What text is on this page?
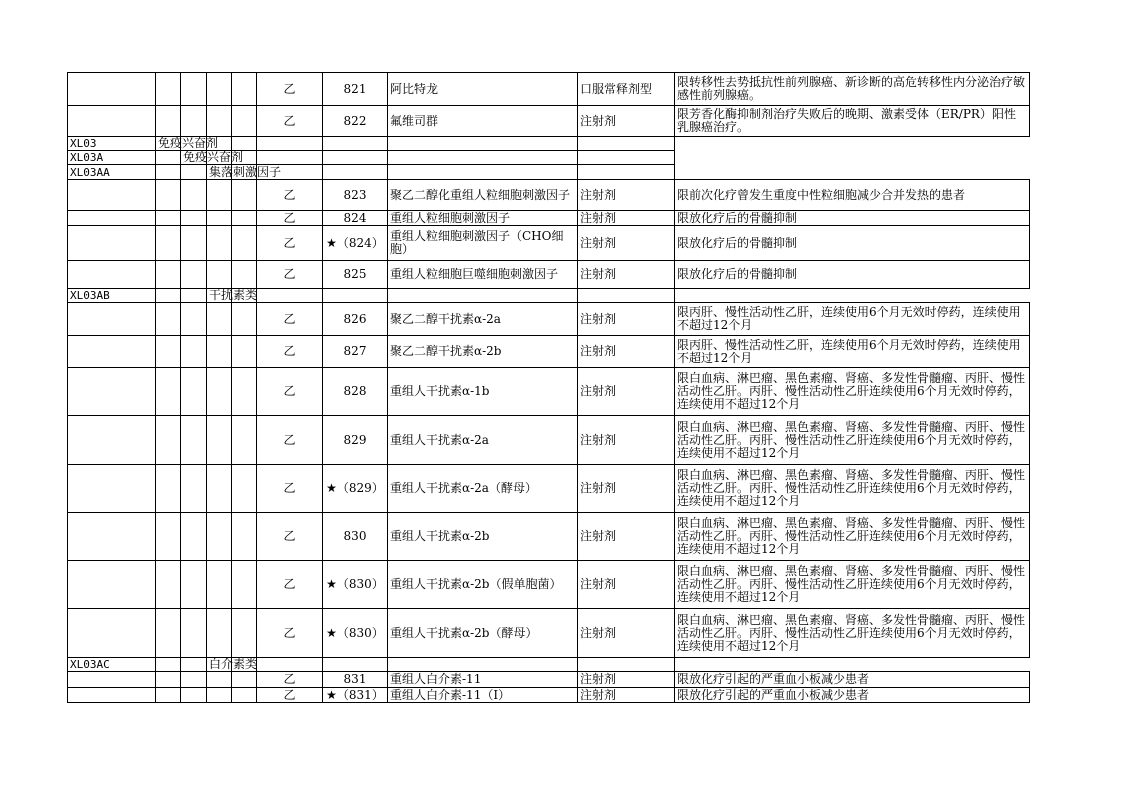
					乙	821	阿比特龙	口服常释剂型	限转移性去势抵抗性前列腺癌、新诊断的高危转移性内分泌治疗敏感性前列腺癌。
					乙	822	氟维司群	注射剂	限芳香化酶抑制剂治疗失败后的晚期、激素受体（ER/PR）阳性乳腺癌治疗。
XL03	免疫兴奋剂								
XL03A		免疫兴奋剂							
XL03AA			集落刺激因子						
					乙	823	聚乙二醇化重组人粒细胞刺激因子	注射剂	限前次化疗曾发生重度中性粒细胞减少合并发热的患者
					乙	824	重组人粒细胞刺激因子	注射剂	限放化疗后的骨髓抑制
					乙	★（824）	重组人粒细胞刺激因子（CHO细胞）	注射剂	限放化疗后的骨髓抑制
					乙	825	重组人粒细胞巨噬细胞刺激因子	注射剂	限放化疗后的骨髓抑制
XL03AB			干扰素类						
					乙	826	聚乙二醇干扰素α-2a	注射剂	限丙肝、慢性活动性乙肝，连续使用6个月无效时停药，连续使用不超过12个月
					乙	827	聚乙二醇干扰素α-2b	注射剂	限丙肝、慢性活动性乙肝，连续使用6个月无效时停药，连续使用不超过12个月
					乙	828	重组人干扰素α-1b	注射剂	限白血病、淋巴瘤、黑色素瘤、肾癌、多发性骨髓瘤、丙肝、慢性活动性乙肝。丙肝、慢性活动性乙肝连续使用6个月无效时停药，连续使用不超过12个月
					乙	829	重组人干扰素α-2a	注射剂	限白血病、淋巴瘤、黑色素瘤、肾癌、多发性骨髓瘤、丙肝、慢性活动性乙肝。丙肝、慢性活动性乙肝连续使用6个月无效时停药，连续使用不超过12个月
					乙	★（829）	重组人干扰素α-2a（酵母）	注射剂	限白血病、淋巴瘤、黑色素瘤、肾癌、多发性骨髓瘤、丙肝、慢性活动性乙肝。丙肝、慢性活动性乙肝连续使用6个月无效时停药，连续使用不超过12个月
					乙	830	重组人干扰素α-2b	注射剂	限白血病、淋巴瘤、黑色素瘤、肾癌、多发性骨髓瘤、丙肝、慢性活动性乙肝。丙肝、慢性活动性乙肝连续使用6个月无效时停药，连续使用不超过12个月
					乙	★（830）	重组人干扰素α-2b（假单胞菌）	注射剂	限白血病、淋巴瘤、黑色素瘤、肾癌、多发性骨髓瘤、丙肝、慢性活动性乙肝。丙肝、慢性活动性乙肝连续使用6个月无效时停药，连续使用不超过12个月
					乙	★（830）	重组人干扰素α-2b（酵母）	注射剂	限白血病、淋巴瘤、黑色素瘤、肾癌、多发性骨髓瘤、丙肝、慢性活动性乙肝。丙肝、慢性活动性乙肝连续使用6个月无效时停药，连续使用不超过12个月
XL03AC			白介素类						
					乙	831	重组人白介素-11	注射剂	限放化疗引起的严重血小板减少患者
					乙	★（831）	重组人白介素-11（Ⅰ）	注射剂	限放化疗引起的严重血小板减少患者
